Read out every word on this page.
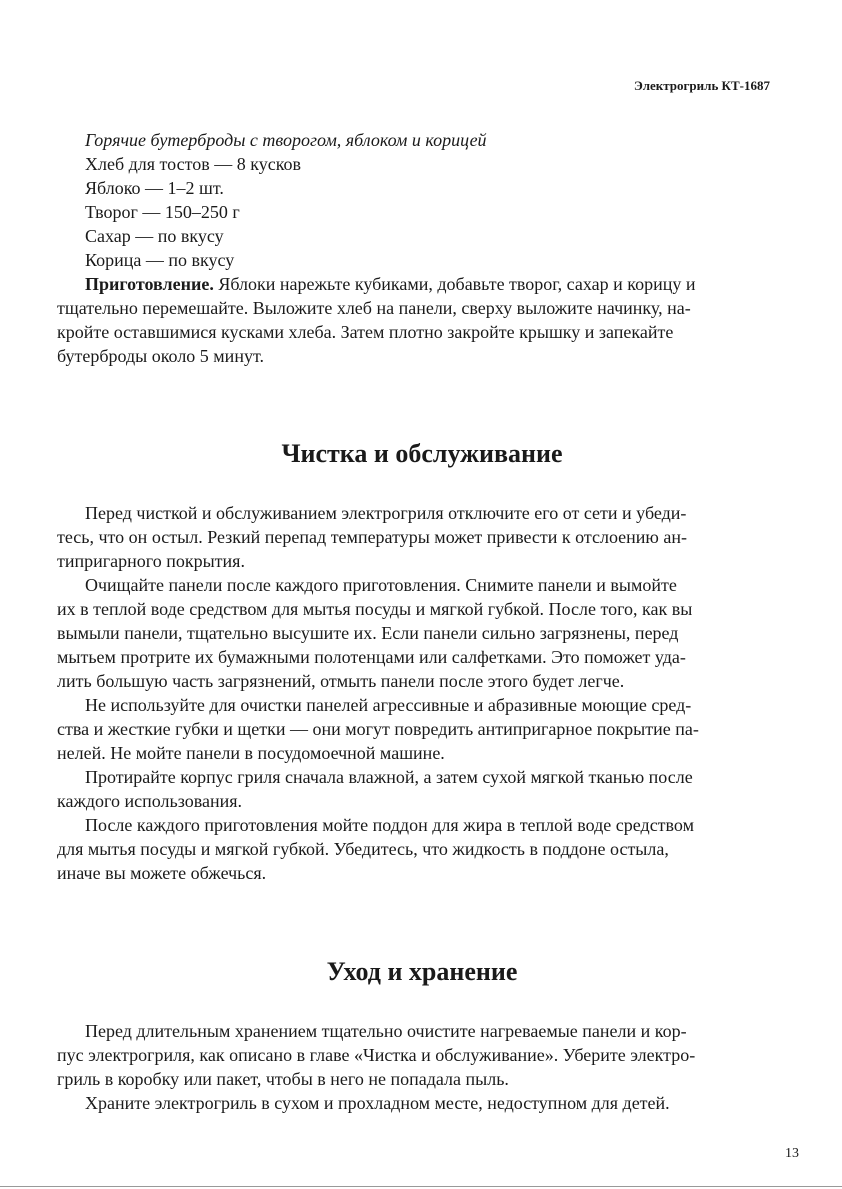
Электрогриль КТ-1687
Горячие бутерброды с творогом, яблоком и корицей
Хлеб для тостов — 8 кусков
Яблоко — 1–2 шт.
Творог — 150–250 г
Сахар — по вкусу
Корица — по вкусу
Приготовление. Яблоки нарежьте кубиками, добавьте творог, сахар и корицу и
тщательно перемешайте. Выложите хлеб на панели, сверху выложите начинку, на-
кройте оставшимися кусками хлеба. Затем плотно закройте крышку и запекайте
бутерброды около 5 минут.
Чистка и обслуживание
Перед чисткой и обслуживанием электрогриля отключите его от сети и убеди-
тесь, что он остыл. Резкий перепад температуры может привести к отслоению ан-
типригарного покрытия.
Очищайте панели после каждого приготовления. Снимите панели и вымойте
их в теплой воде средством для мытья посуды и мягкой губкой. После того, как вы
вымыли панели, тщательно высушите их. Если панели сильно загрязнены, перед
мытьем протрите их бумажными полотенцами или салфетками. Это поможет уда-
лить большую часть загрязнений, отмыть панели после этого будет легче.
Не используйте для очистки панелей агрессивные и абразивные моющие сред-
ства и жесткие губки и щетки — они могут повредить антипригарное покрытие па-
нелей. Не мойте панели в посудомоечной машине.
Протирайте корпус гриля сначала влажной, а затем сухой мягкой тканью после
каждого использования.
После каждого приготовления мойте поддон для жира в теплой воде средством
для мытья посуды и мягкой губкой. Убедитесь, что жидкость в поддоне остыла,
иначе вы можете обжечься.
Уход и хранение
Перед длительным хранением тщательно очистите нагреваемые панели и кор-
пус электрогриля, как описано в главе «Чистка и обслуживание». Уберите электро-
гриль в коробку или пакет, чтобы в него не попадала пыль.
Храните электрогриль в сухом и прохладном месте, недоступном для детей.
13
